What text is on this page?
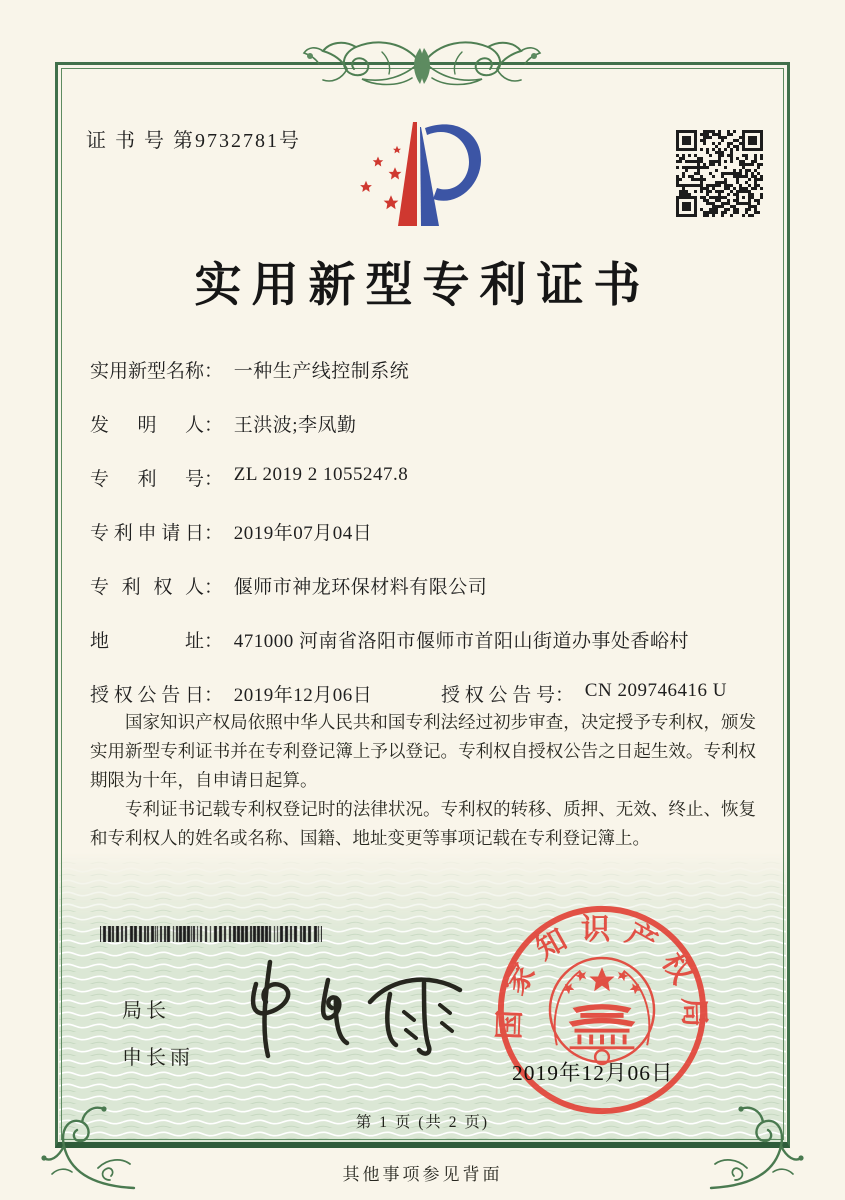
证 书 号 第9732781号
实用新型专利证书
实用新型名称： 一种生产线控制系统
发明人： 王洪波;李凤勤
专利号： ZL 2019 2 1055247.8
专利申请日： 2019年07月04日
专利权人： 偃师市神龙环保材料有限公司
地址： 471000 河南省洛阳市偃师市首阳山街道办事处香峪村
授权公告日： 2019年12月06日	授权公告号： CN 209746416 U

国家知识产权局依照中华人民共和国专利法经过初步审查，决定授予专利权，颁发实用新型专利证书并在专利登记簿上予以登记。专利权自授权公告之日起生效。专利权期限为十年，自申请日起算。

专利证书记载专利权登记时的法律状况。专利权的转移、质押、无效、终止、恢复和专利权人的姓名或名称、国籍、地址变更等事项记载在专利登记簿上。

局长
申长雨
国家知识产权局
2019年12月06日
第 1 页 (共 2 页)
其他事项参见背面
